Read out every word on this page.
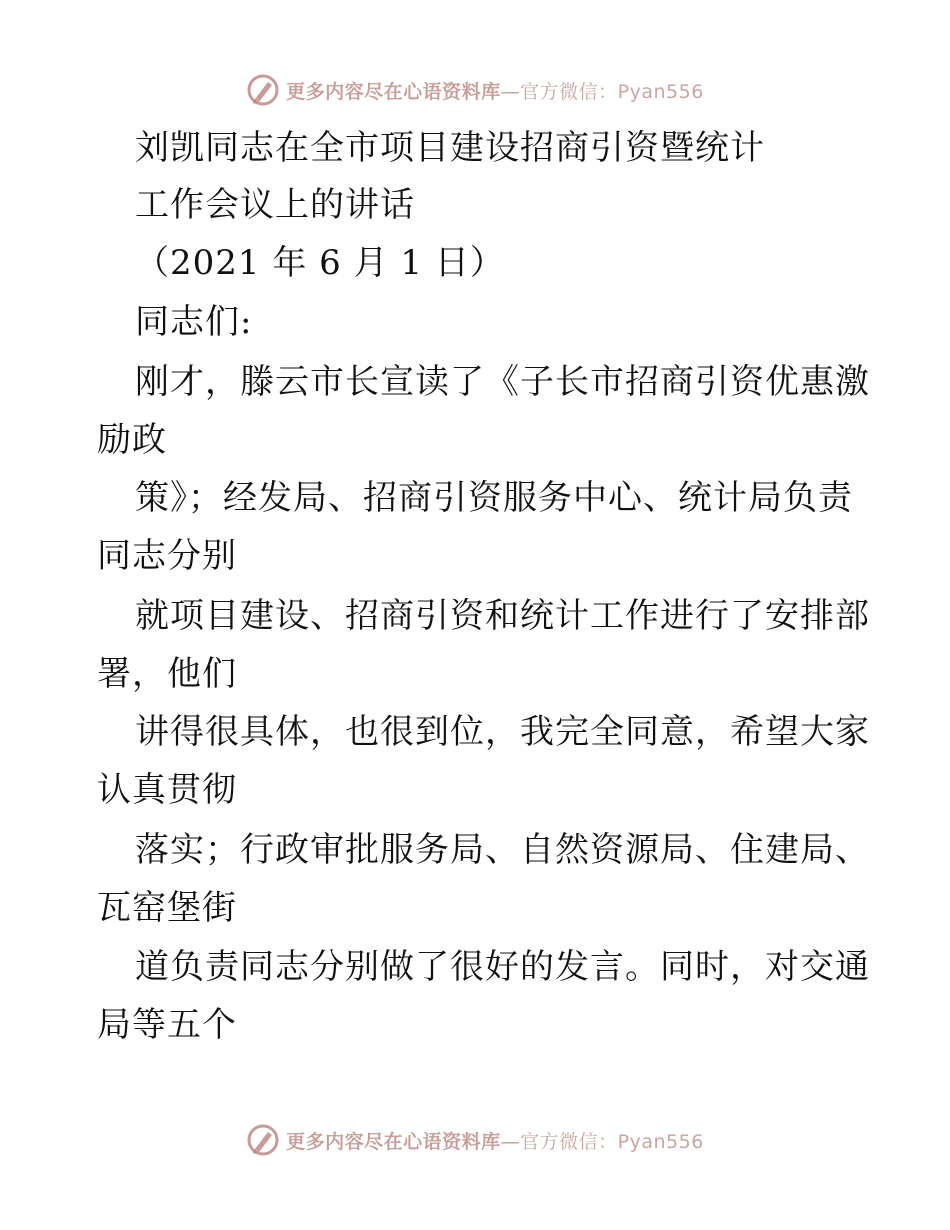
更多内容尽在心语资料库—官方微信：Pyan556
刘凯同志在全市项目建设招商引资暨统计
工作会议上的讲话
（2021 年 6 月 1 日）
同志们:
刚才，滕云市长宣读了《子长市招商引资优惠激
励政
策》；经发局、招商引资服务中心、统计局负责
同志分别
就项目建设、招商引资和统计工作进行了安排部
署，他们
讲得很具体，也很到位，我完全同意，希望大家
认真贯彻
落实；行政审批服务局、自然资源局、住建局、
瓦窑堡街
道负责同志分别做了很好的发言。同时，对交通
局等五个
更多内容尽在心语资料库—官方微信：Pyan556
